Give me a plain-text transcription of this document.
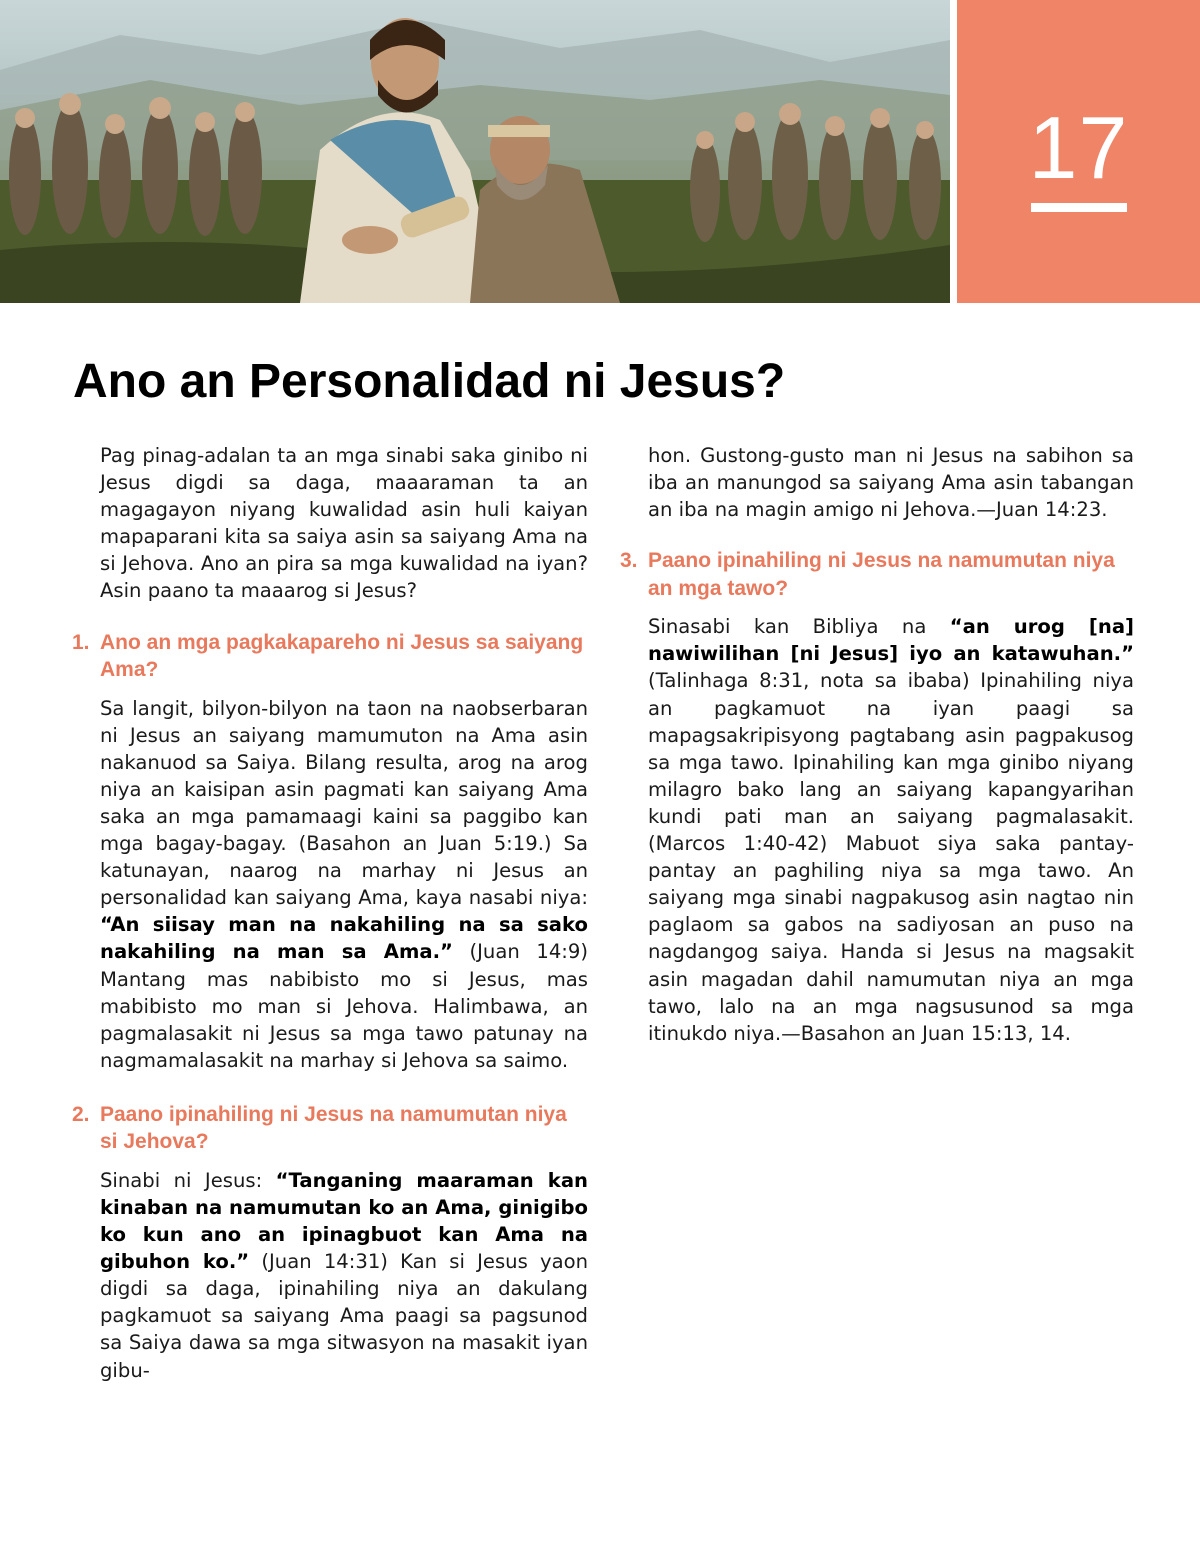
17
Ano an Personalidad ni Jesus?

Pag pinag-adalan ta an mga sinabi saka ginibo ni Jesus digdi sa daga, maaaraman ta an magagayon niyang kuwalidad asin huli kaiyan mapaparani kita sa saiya asin sa saiyang Ama na si Jehova. Ano an pira sa mga kuwalidad na iyan? Asin paano ta maaarog si Jesus?

1. Ano an mga pagkakapareho ni Jesus sa saiyang Ama?

Sa langit, bilyon-bilyon na taon na naobserbaran ni Jesus an saiyang mamumuton na Ama asin nakanuod sa Saiya. Bilang resulta, arog na arog niya an kaisipan asin pagmati kan saiyang Ama saka an mga pamamaagi kaini sa paggibo kan mga bagay-bagay. (Basahon an Juan 5:19.) Sa katunayan, naarog na marhay ni Jesus an personalidad kan saiyang Ama, kaya nasabi niya: “An siisay man na nakahiling na sa sako nakahiling na man sa Ama.” (Juan 14:9) Mantang mas nabibisto mo si Jesus, mas mabibisto mo man si Jehova. Halimbawa, an pagmalasakit ni Jesus sa mga tawo patunay na nagmamalasakit na marhay si Jehova sa saimo.

2. Paano ipinahiling ni Jesus na namumutan niya si Jehova?

Sinabi ni Jesus: “Tanganing maaraman kan kinaban na namumutan ko an Ama, ginigibo ko kun ano an ipinagbuot kan Ama na gibuhon ko.” (Juan 14:31) Kan si Jesus yaon digdi sa daga, ipinahiling niya an dakulang pagkamuot sa saiyang Ama paagi sa pagsunod sa Saiya dawa sa mga sitwasyon na masakit iyan gibu-

hon. Gustong-gusto man ni Jesus na sabihon sa iba an manungod sa saiyang Ama asin tabangan an iba na magin amigo ni Jehova.—Juan 14:23.

3. Paano ipinahiling ni Jesus na namumutan niya an mga tawo?

Sinasabi kan Bibliya na “an urog [na] nawiwilihan [ni Jesus] iyo an katawuhan.” (Talinhaga 8:31, nota sa ibaba) Ipinahiling niya an pagkamuot na iyan paagi sa mapagsakripisyong pagtabang asin pagpakusog sa mga tawo. Ipinahiling kan mga ginibo niyang milagro bako lang an saiyang kapangyarihan kundi pati man an saiyang pagmalasakit. (Marcos 1:40-42) Mabuot siya saka pantay-pantay an paghiling niya sa mga tawo. An saiyang mga sinabi nagpakusog asin nagtao nin paglaom sa gabos na sadiyosan an puso na nagdangog saiya. Handa si Jesus na magsakit asin magadan dahil namumutan niya an mga tawo, lalo na an mga nagsusunod sa mga itinukdo niya.—Basahon an Juan 15:13, 14.
